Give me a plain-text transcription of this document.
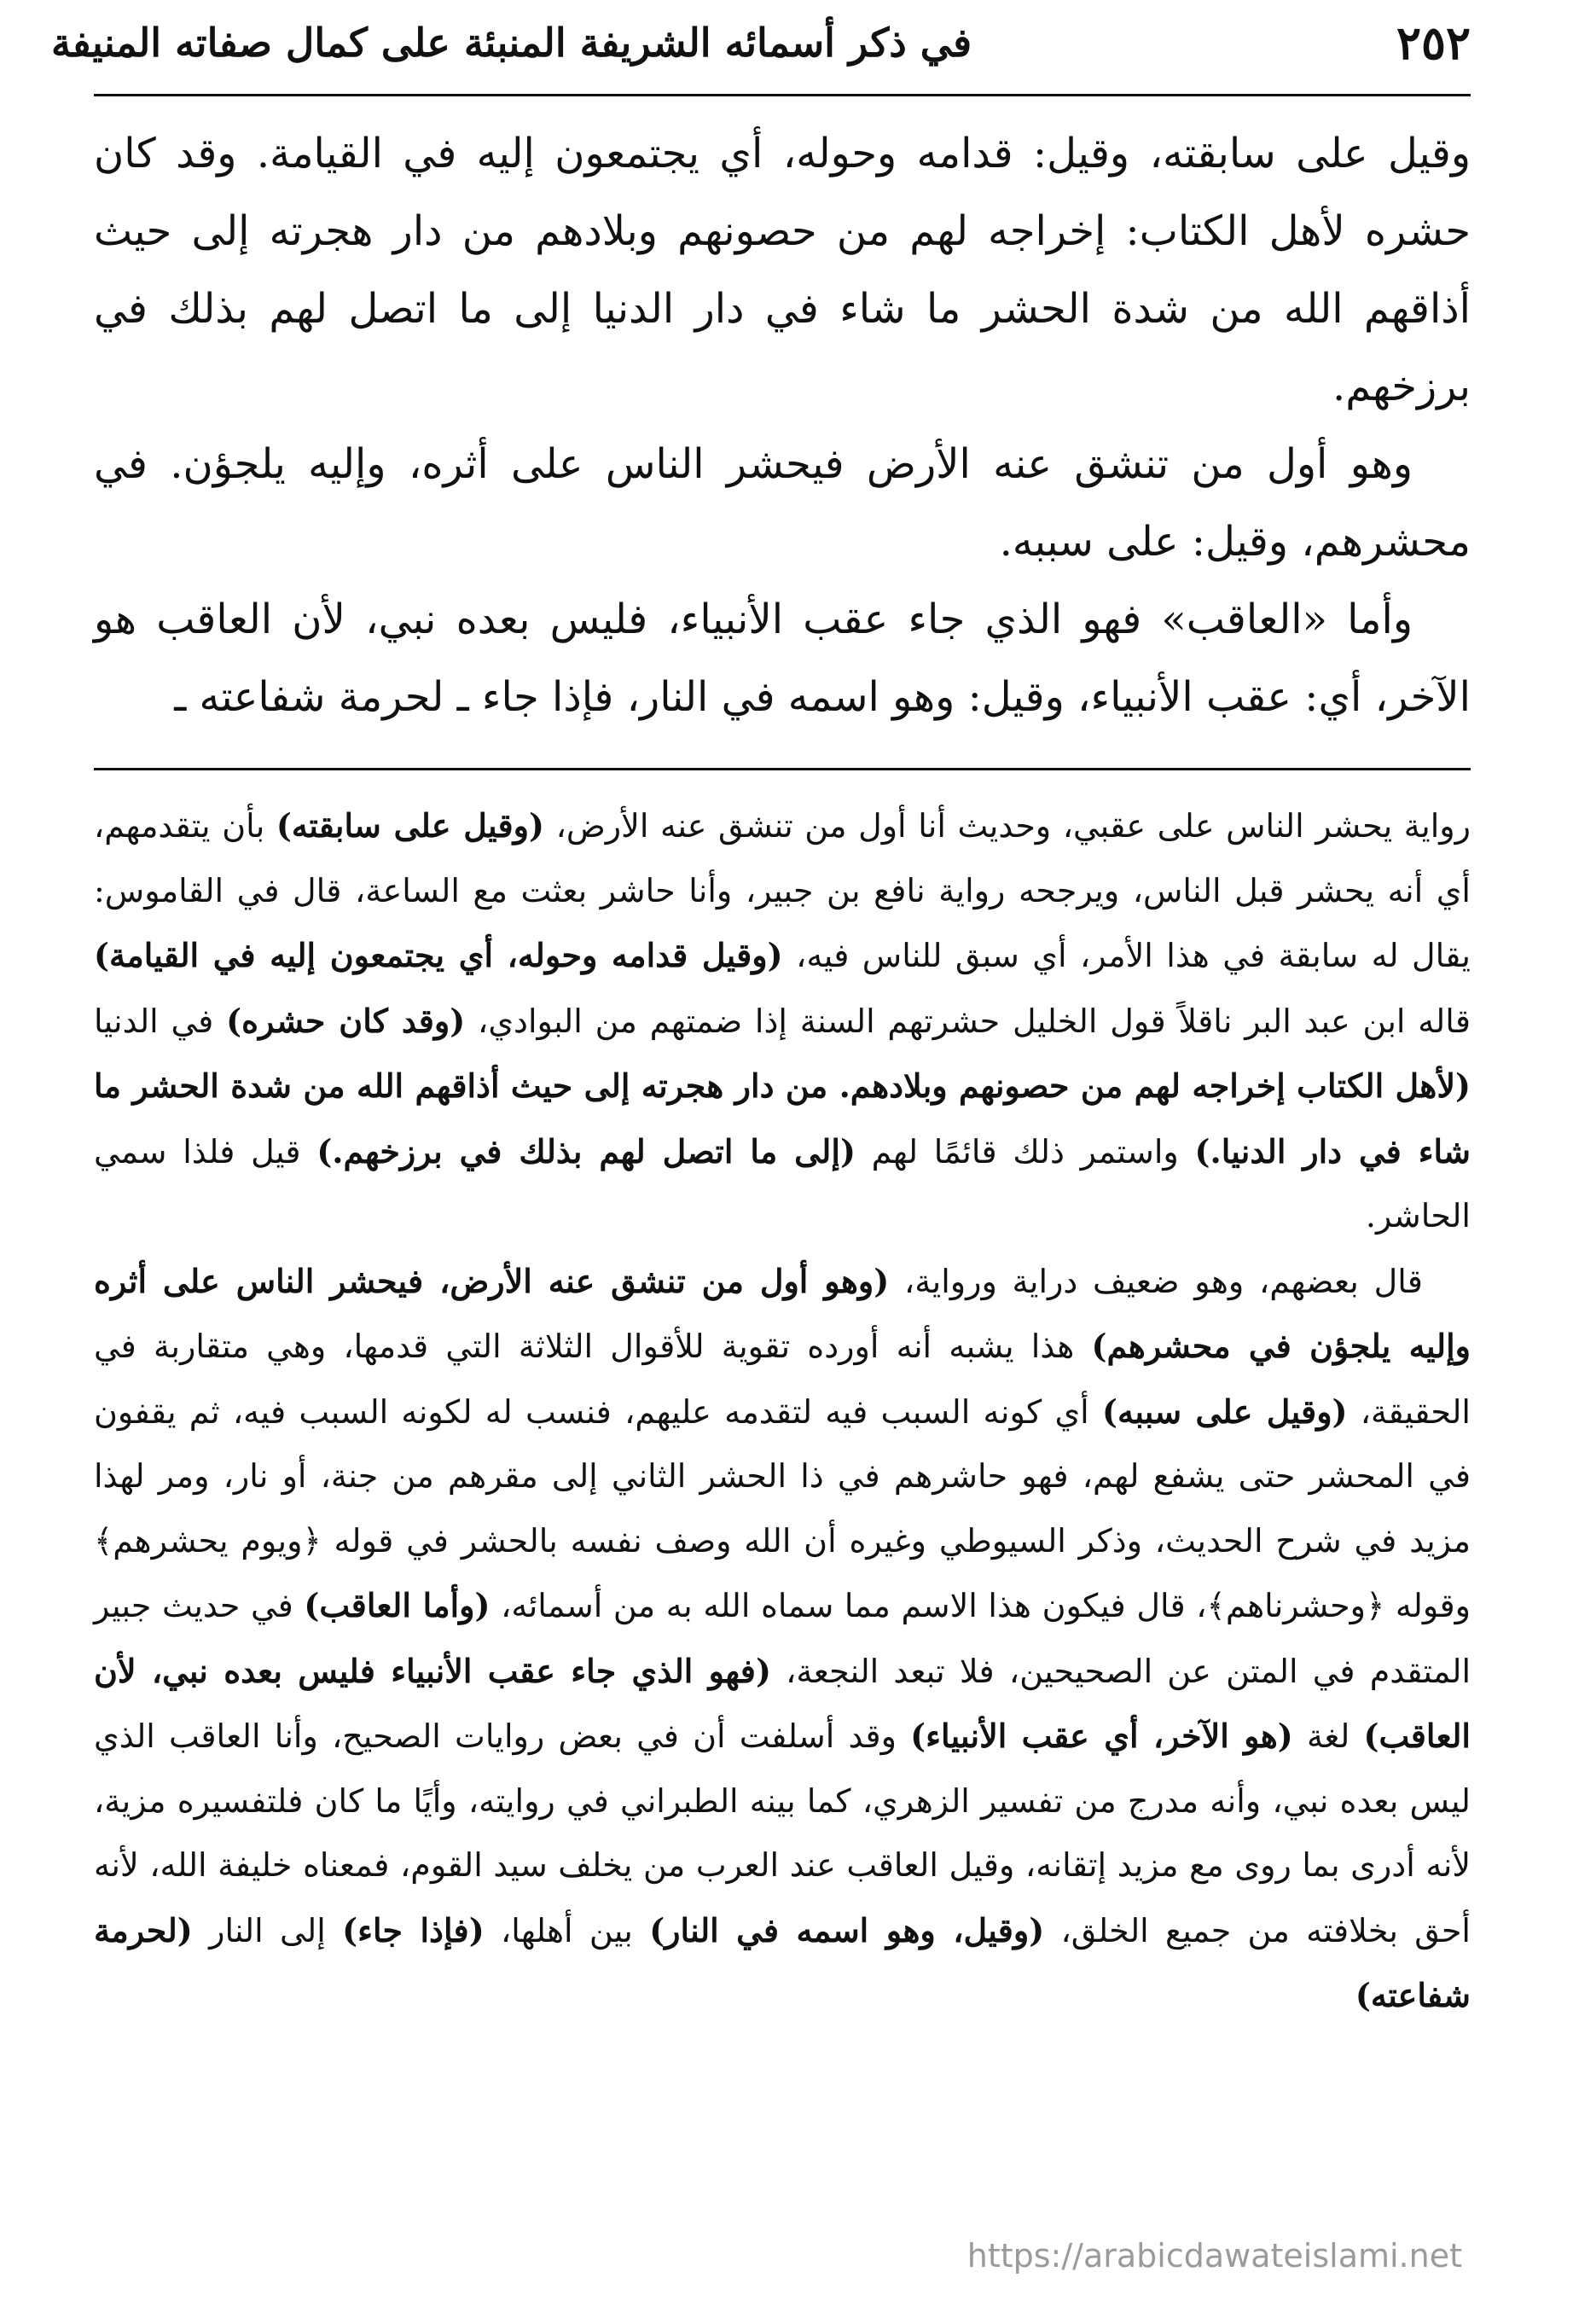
٢٥٢
في ذكر أسمائه الشريفة المنبئة على كمال صفاته المنيفة

وقيل على سابقته، وقيل: قدامه وحوله، أي يجتمعون إليه في القيامة. وقد كان حشره لأهل الكتاب: إخراجه لهم من حصونهم وبلادهم من دار هجرته إلى حيث أذاقهم الله من شدة الحشر ما شاء في دار الدنيا إلى ما اتصل لهم بذلك في برزخهم.

وهو أول من تنشق عنه الأرض فيحشر الناس على أثره، وإليه يلجؤن. في محشرهم، وقيل: على سببه.

وأما «العاقب» فهو الذي جاء عقب الأنبياء، فليس بعده نبي، لأن العاقب هو الآخر، أي: عقب الأنبياء، وقيل: وهو اسمه في النار، فإذا جاء ـ لحرمة شفاعته ـ

رواية يحشر الناس على عقبي، وحديث أنا أول من تنشق عنه الأرض، (وقيل على سابقته) بأن يتقدمهم، أي أنه يحشر قبل الناس، ويرجحه رواية نافع بن جبير، وأنا حاشر بعثت مع الساعة، قال في القاموس: يقال له سابقة في هذا الأمر، أي سبق للناس فيه، (وقيل قدامه وحوله، أي يجتمعون إليه في القيامة) قاله ابن عبد البر ناقلاً قول الخليل حشرتهم السنة إذا ضمتهم من البوادي، (وقد كان حشره) في الدنيا (لأهل الكتاب إخراجه لهم من حصونهم وبلادهم. من دار هجرته إلى حيث أذاقهم الله من شدة الحشر ما شاء في دار الدنيا.) واستمر ذلك قائمًا لهم (إلى ما اتصل لهم بذلك في برزخهم.) قيل فلذا سمي الحاشر.

قال بعضهم، وهو ضعيف دراية ورواية، (وهو أول من تنشق عنه الأرض، فيحشر الناس على أثره وإليه يلجؤن في محشرهم) هذا يشبه أنه أورده تقوية للأقوال الثلاثة التي قدمها، وهي متقاربة في الحقيقة، (وقيل على سببه) أي كونه السبب فيه لتقدمه عليهم، فنسب له لكونه السبب فيه، ثم يقفون في المحشر حتى يشفع لهم، فهو حاشرهم في ذا الحشر الثاني إلى مقرهم من جنة، أو نار، ومر لهذا مزيد في شرح الحديث، وذكر السيوطي وغيره أن الله وصف نفسه بالحشر في قوله ﴿ويوم يحشرهم﴾ وقوله ﴿وحشرناهم﴾، قال فيكون هذا الاسم مما سماه الله به من أسمائه، (وأما العاقب) في حديث جبير المتقدم في المتن عن الصحيحين، فلا تبعد النجعة، (فهو الذي جاء عقب الأنبياء فليس بعده نبي، لأن العاقب) لغة (هو الآخر، أي عقب الأنبياء) وقد أسلفت أن في بعض روايات الصحيح، وأنا العاقب الذي ليس بعده نبي، وأنه مدرج من تفسير الزهري، كما بينه الطبراني في روايته، وأيًا ما كان فلتفسيره مزية، لأنه أدرى بما روى مع مزيد إتقانه، وقيل العاقب عند العرب من يخلف سيد القوم، فمعناه خليفة الله، لأنه أحق بخلافته من جميع الخلق، (وقيل، وهو اسمه في النار) بين أهلها، (فإذا جاء) إلى النار (لحرمة شفاعته)

https://arabicdawateislami.net
